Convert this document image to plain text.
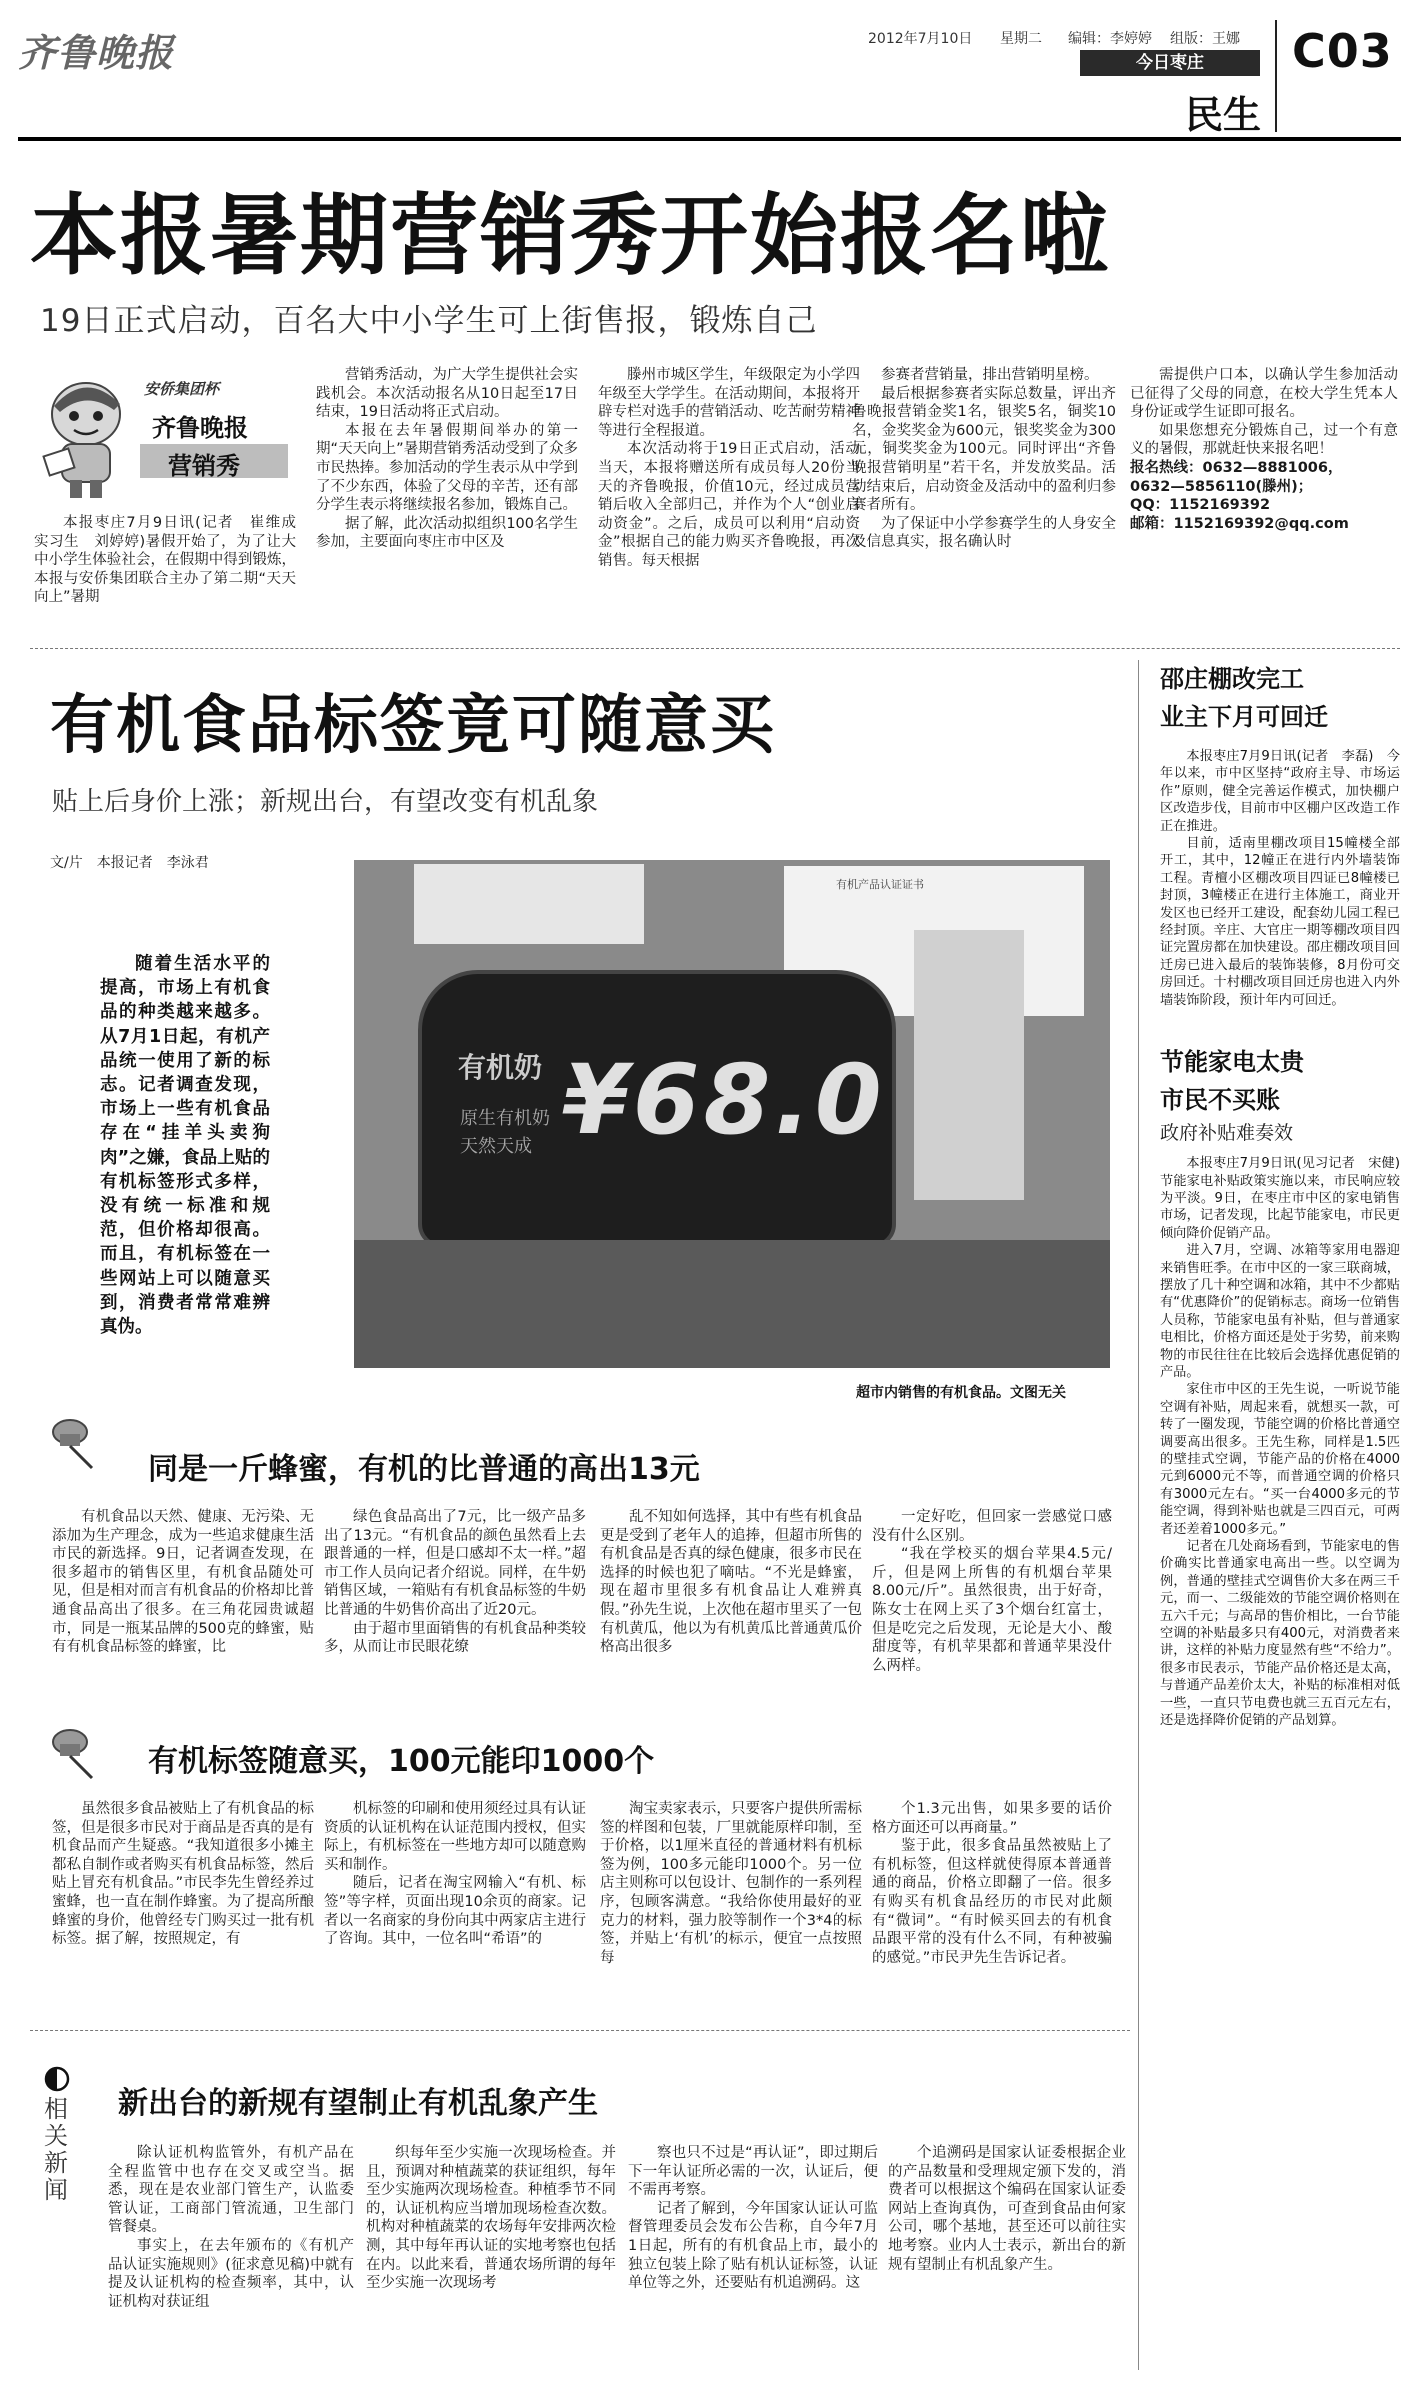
齐鲁晚报	2012年7月10日 星期二 编辑：李婷婷 组版：王娜
今日枣庄
民生
C03
本报暑期营销秀开始报名啦
19日正式启动，百名大中小学生可上街售报，锻炼自己
安侨集团杯
齐鲁晚报
营销秀

本报枣庄7月9日讯(记者　崔维成　实习生　刘婷婷)暑假开始了，为了让大中小学生体验社会，在假期中得到锻炼，本报与安侨集团联合主办了第二期“天天向上”暑期

营销秀活动，为广大学生提供社会实践机会。本次活动报名从10日起至17日结束，19日活动将正式启动。

本报在去年暑假期间举办的第一期“天天向上”暑期营销秀活动受到了众多市民热捧。参加活动的学生表示从中学到了不少东西，体验了父母的辛苦，还有部分学生表示将继续报名参加，锻炼自己。

据了解，此次活动拟组织100名学生参加，主要面向枣庄市中区及

滕州市城区学生，年级限定为小学四年级至大学学生。在活动期间，本报将开辟专栏对选手的营销活动、吃苦耐劳精神等进行全程报道。

本次活动将于19日正式启动，活动当天，本报将赠送所有成员每人20份当天的齐鲁晚报，价值10元，经过成员营销后收入全部归己，并作为个人“创业启动资金”。之后，成员可以利用“启动资金”根据自己的能力购买齐鲁晚报，再次销售。每天根据

参赛者营销量，排出营销明星榜。

最后根据参赛者实际总数量，评出齐鲁晚报营销金奖1名，银奖5名，铜奖10名，金奖奖金为600元，银奖奖金为300元，铜奖奖金为100元。同时评出“齐鲁晚报营销明星”若干名，并发放奖品。活动结束后，启动资金及活动中的盈利归参赛者所有。

为了保证中小学参赛学生的人身安全及信息真实，报名确认时

需提供户口本，以确认学生参加活动已征得了父母的同意，在校大学生凭本人身份证或学生证即可报名。

如果您想充分锻炼自己，过一个有意义的暑假，那就赶快来报名吧！

报名热线：0632—8881006，
0632—5856110(滕州)；
QQ：1152169392
邮箱：1152169392@qq.com
有机食品标签竟可随意买
贴上后身价上涨；新规出台，有望改变有机乱象
文/片　本报记者　李泳君
随着生活水平的提高，市场上有机食品的种类越来越多。从7月1日起，有机产品统一使用了新的标志。记者调查发现，市场上一些有机食品存在“挂羊头卖狗肉”之嫌，食品上贴的有机标签形式多样，没有统一标准和规范，但价格却很高。而且，有机标签在一些网站上可以随意买到，消费者常常难辨真伪。
有机产品认证证书
有机奶
原生有机奶
天然天成 ¥68.0
超市内销售的有机食品。文图无关
同是一斤蜂蜜，有机的比普通的高出13元

有机食品以天然、健康、无污染、无添加为生产理念，成为一些追求健康生活市民的新选择。9日，记者调查发现，在很多超市的销售区里，有机食品随处可见，但是相对而言有机食品的价格却比普通食品高出了很多。在三角花园贵诚超市，同是一瓶某品牌的500克的蜂蜜，贴有有机食品标签的蜂蜜，比

绿色食品高出了7元，比一级产品多出了13元。“有机食品的颜色虽然看上去跟普通的一样，但是口感却不太一样。”超市工作人员向记者介绍说。同样，在牛奶销售区域，一箱贴有有机食品标签的牛奶比普通的牛奶售价高出了近20元。

由于超市里面销售的有机食品种类较多，从而让市民眼花缭

乱不知如何选择，其中有些有机食品更是受到了老年人的追捧，但超市所售的有机食品是否真的绿色健康，很多市民在选择的时候也犯了嘀咕。“不光是蜂蜜，现在超市里很多有机食品让人难辨真假。”孙先生说，上次他在超市里买了一包有机黄瓜，他以为有机黄瓜比普通黄瓜价格高出很多

一定好吃，但回家一尝感觉口感没有什么区别。

“我在学校买的烟台苹果4.5元/斤，但是网上所售的有机烟台苹果8.00元/斤”。虽然很贵，出于好奇，陈女士在网上买了3个烟台红富士，但是吃完之后发现，无论是大小、酸甜度等，有机苹果都和普通苹果没什么两样。

有机标签随意买，100元能印1000个

虽然很多食品被贴上了有机食品的标签，但是很多市民对于商品是否真的是有机食品而产生疑惑。“我知道很多小摊主都私自制作或者购买有机食品标签，然后贴上冒充有机食品。”市民李先生曾经养过蜜蜂，也一直在制作蜂蜜。为了提高所酿蜂蜜的身价，他曾经专门购买过一批有机标签。据了解，按照规定，有

机标签的印刷和使用须经过具有认证资质的认证机构在认证范围内授权，但实际上，有机标签在一些地方却可以随意购买和制作。

随后，记者在淘宝网输入“有机、标签”等字样，页面出现10余页的商家。记者以一名商家的身份向其中两家店主进行了咨询。其中，一位名叫“希语”的

淘宝卖家表示，只要客户提供所需标签的样图和包装，厂里就能原样印制，至于价格，以1厘米直径的普通材料有机标签为例，100多元能印1000个。另一位店主则称可以包设计、包制作的一系列程序，包顾客满意。“我给你使用最好的亚克力的材料，强力胶等制作一个3*4的标签，并贴上‘有机’的标示，便宜一点按照每

个1.3元出售，如果多要的话价格方面还可以再商量。”

鉴于此，很多食品虽然被贴上了有机标签，但这样就使得原本普通普通的商品，价格立即翻了一倍。很多有购买有机食品经历的市民对此颇有“微词”。“有时候买回去的有机食品跟平常的没有什么不同，有种被骗的感觉。”市民尹先生告诉记者。

相关新闻
新出台的新规有望制止有机乱象产生

除认证机构监管外，有机产品在全程监管中也存在交叉或空当。据悉，现在是农业部门管生产，认监委管认证，工商部门管流通，卫生部门管餐桌。

事实上，在去年颁布的《有机产品认证实施规则》(征求意见稿)中就有提及认证机构的检查频率，其中，认证机构对获证组

织每年至少实施一次现场检查。并且，预调对种植蔬菜的获证组织，每年至少实施两次现场检查。种植季节不同的，认证机构应当增加现场检查次数。机构对种植蔬菜的农场每年安排两次检测，其中每年再认证的实地考察也包括在内。以此来看，普通农场所谓的每年至少实施一次现场考

察也只不过是“再认证”，即过期后下一年认证所必需的一次，认证后，便不需再考察。

记者了解到，今年国家认证认可监督管理委员会发布公告称，自今年7月1日起，所有的有机食品上市，最小的独立包装上除了贴有机认证标签，认证单位等之外，还要贴有机追溯码。这

个追溯码是国家认证委根据企业的产品数量和受理规定颁下发的，消费者可以根据这个编码在国家认证委网站上查询真伪，可查到食品由何家公司，哪个基地，甚至还可以前往实地考察。业内人士表示，新出台的新规有望制止有机乱象产生。

邵庄棚改完工
业主下月可回迁

本报枣庄7月9日讯(记者　李磊)　今年以来，市中区坚持“政府主导、市场运作”原则，健全完善运作模式，加快棚户区改造步伐，目前市中区棚户区改造工作正在推进。

目前，适南里棚改项目15幢楼全部开工，其中，12幢正在进行内外墙装饰工程。青檀小区棚改项目四证已8幢楼已封顶，3幢楼正在进行主体施工，商业开发区也已经开工建设，配套幼儿园工程已经封顶。辛庄、大官庄一期等棚改项目四证完置房都在加快建设。邵庄棚改项目回迁房已进入最后的装饰装修，8月份可交房回迁。十村棚改项目回迁房也进入内外墙装饰阶段，预计年内可回迁。

节能家电太贵
市民不买账
政府补贴难奏效

本报枣庄7月9日讯(见习记者　宋健)　节能家电补贴政策实施以来，市民响应较为平淡。9日，在枣庄市中区的家电销售市场，记者发现，比起节能家电，市民更倾向降价促销产品。

进入7月，空调、冰箱等家用电器迎来销售旺季。在市中区的一家三联商城，摆放了几十种空调和冰箱，其中不少都贴有“优惠降价”的促销标志。商场一位销售人员称，节能家电虽有补贴，但与普通家电相比，价格方面还是处于劣势，前来购物的市民往往在比较后会选择优惠促销的产品。

家住市中区的王先生说，一听说节能空调有补贴，周起来看，就想买一款，可转了一圈发现，节能空调的价格比普通空调要高出很多。王先生称，同样是1.5匹的壁挂式空调，节能产品的价格在4000元到6000元不等，而普通空调的价格只有3000元左右。“买一台4000多元的节能空调，得到补贴也就是三四百元，可两者还差着1000多元。”

记者在几处商场看到，节能家电的售价确实比普通家电高出一些。以空调为例，普通的壁挂式空调售价大多在两三千元，而一、二级能效的节能空调价格则在五六千元；与高昂的售价相比，一台节能空调的补贴最多只有400元，对消费者来讲，这样的补贴力度显然有些“不给力”。很多市民表示，节能产品价格还是太高，与普通产品差价太大，补贴的标准相对低一些，一直只节电费也就三五百元左右，还是选择降价促销的产品划算。
